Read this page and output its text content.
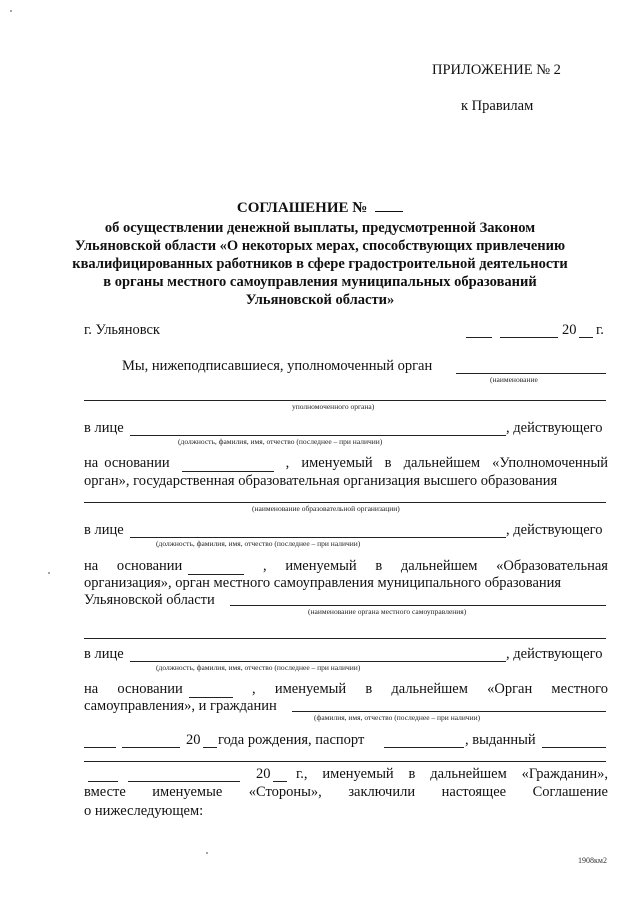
ПРИЛОЖЕНИЕ № 2
к Правилам
СОГЛАШЕНИЕ №
об осуществлении денежной выплаты, предусмотренной Законом
Ульяновской области «О некоторых мерах, способствующих привлечению
квалифицированных работников в сфере градостроительной деятельности
в органы местного самоуправления муниципальных образований
Ульяновской области»
г. Ульяновск	20 г.
Мы, нижеподписавшиеся, уполномоченный орган
(наименование
уполномоченного органа)
в лице	, действующего
(должность, фамилия, имя, отчество (последнее – при наличии)
на основании	, именуемый в дальнейшем «Уполномоченный
орган», государственная образовательная организация высшего образования
(наименование образовательной организации)
в лице	, действующего
(должность, фамилия, имя, отчество (последнее – при наличии)
на основании	, именуемый в дальнейшем «Образовательная
организация», орган местного самоуправления муниципального образования
Ульяновской области
(наименование органа местного самоуправления)
в лице	, действующего
(должность, фамилия, имя, отчество (последнее – при наличии)
на основании	, именуемый в дальнейшем «Орган местного
самоуправления», и гражданин
(фамилия, имя, отчество (последнее – при наличии)
20 года рождения, паспорт	, выданный
20 г., именуемый в дальнейшем «Гражданин»,
вместе именуемые «Стороны», заключили настоящее Соглашение
о нижеследующем:
1908км2
